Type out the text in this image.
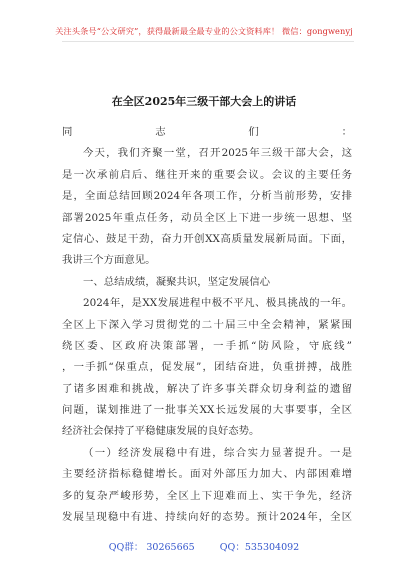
关注头条号“公文研究”，获得最新最全最专业的公文资料库！ 微信：gongwenyj
在全区2025年三级干部大会上的讲话

同志们：

今天，我们齐聚一堂，召开2025年三级干部大会，这
是一次承前启后、继往开来的重要会议。会议的主要任务
是，全面总结回顾2024年各项工作，分析当前形势，安排
部署2025年重点任务，动员全区上下进一步统一思想、坚
定信心、鼓足干劲，奋力开创XX高质量发展新局面。下面，
我讲三个方面意见。
一、总结成绩，凝聚共识，坚定发展信心
2024年，是XX发展进程中极不平凡、极具挑战的一年。
全区上下深入学习贯彻党的二十届三中全会精神，紧紧围
绕区委、区政府决策部署，一手抓“防风险，守底线”
，一手抓“保重点，促发展”，团结奋进，负重拼搏，战胜
了诸多困难和挑战，解决了许多事关群众切身利益的遗留
问题，谋划推进了一批事关XX长远发展的大事要事，全区
经济社会保持了平稳健康发展的良好态势。
（一）经济发展稳中有进，综合实力显著提升。一是
主要经济指标稳健增长。面对外部压力加大、内部困难增
多的复杂严峻形势，全区上下迎难而上、实干争先，经济
发展呈现稳中有进、持续向好的态势。预计2024年，全区
QQ群： 30265665	QQ：535304092
